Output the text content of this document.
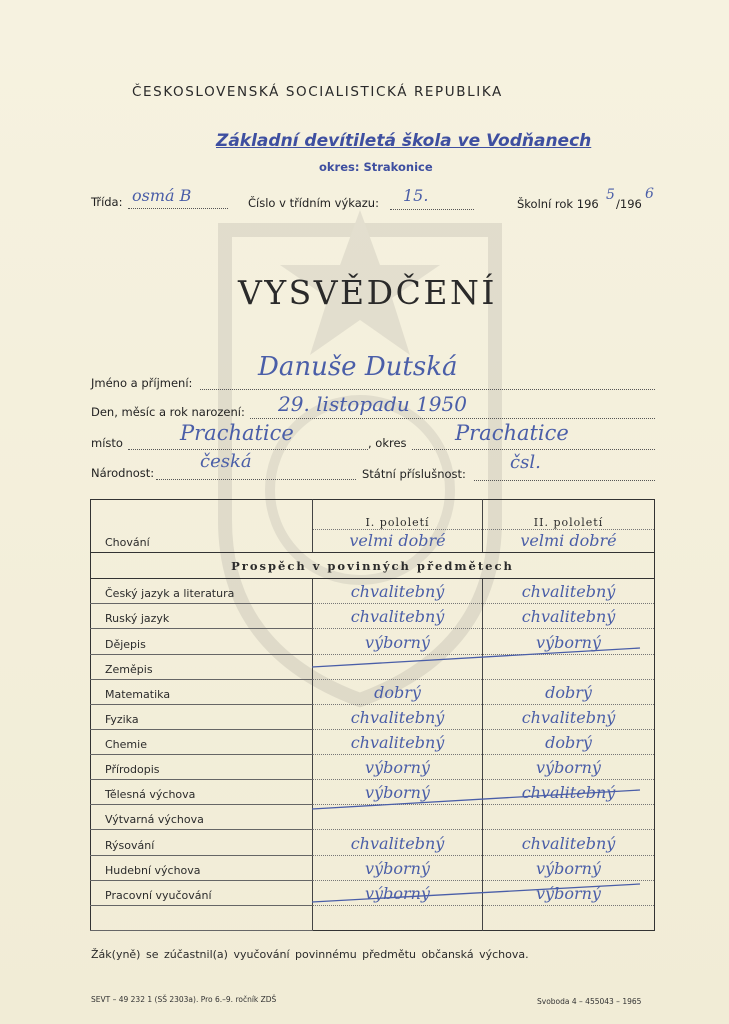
ČESKOSLOVENSKÁ SOCIALISTICKÁ REPUBLIKA
Základní devítiletá škola ve Vodňanech
okres: Strakonice
Třída: osmá B	Číslo v třídním výkazu: 15.	Školní rok 196
5
/196
6
VYSVĚDČENÍ
Jméno a příjmení:
Danuše Dutská
Den, měsíc a rok narození: 29. listopadu 1950
místo	Prachatice	, okres Prachatice
Národnost:
česká
Státní příslušnost:
čsl.
	I. pololetí	II. pololetí
Chování	velmi dobré	velmi dobré
Prospěch v povinných předmětech		
Český jazyk a literatura	chvalitebný	chvalitebný
Ruský jazyk	chvalitebný	chvalitebný
Dějepis	výborný	výborný
Zeměpis		
Matematika	dobrý	dobrý
Fyzika	chvalitebný	chvalitebný
Chemie	chvalitebný	dobrý
Přírodopis	výborný	výborný
Tělesná výchova	výborný	chvalitebný
Výtvarná výchova		
Rýsování	chvalitebný	chvalitebný
Hudební výchova	výborný	výborný
Pracovní vyučování	výborný	výborný

Žák(yně) se zúčastnil(a) vyučování povinnému předmětu občanská výchova.
SEVT – 49 232 1 (SŠ 2303a). Pro 6.–9. ročník ZDŠ	Svoboda 4 – 455043 – 1965
